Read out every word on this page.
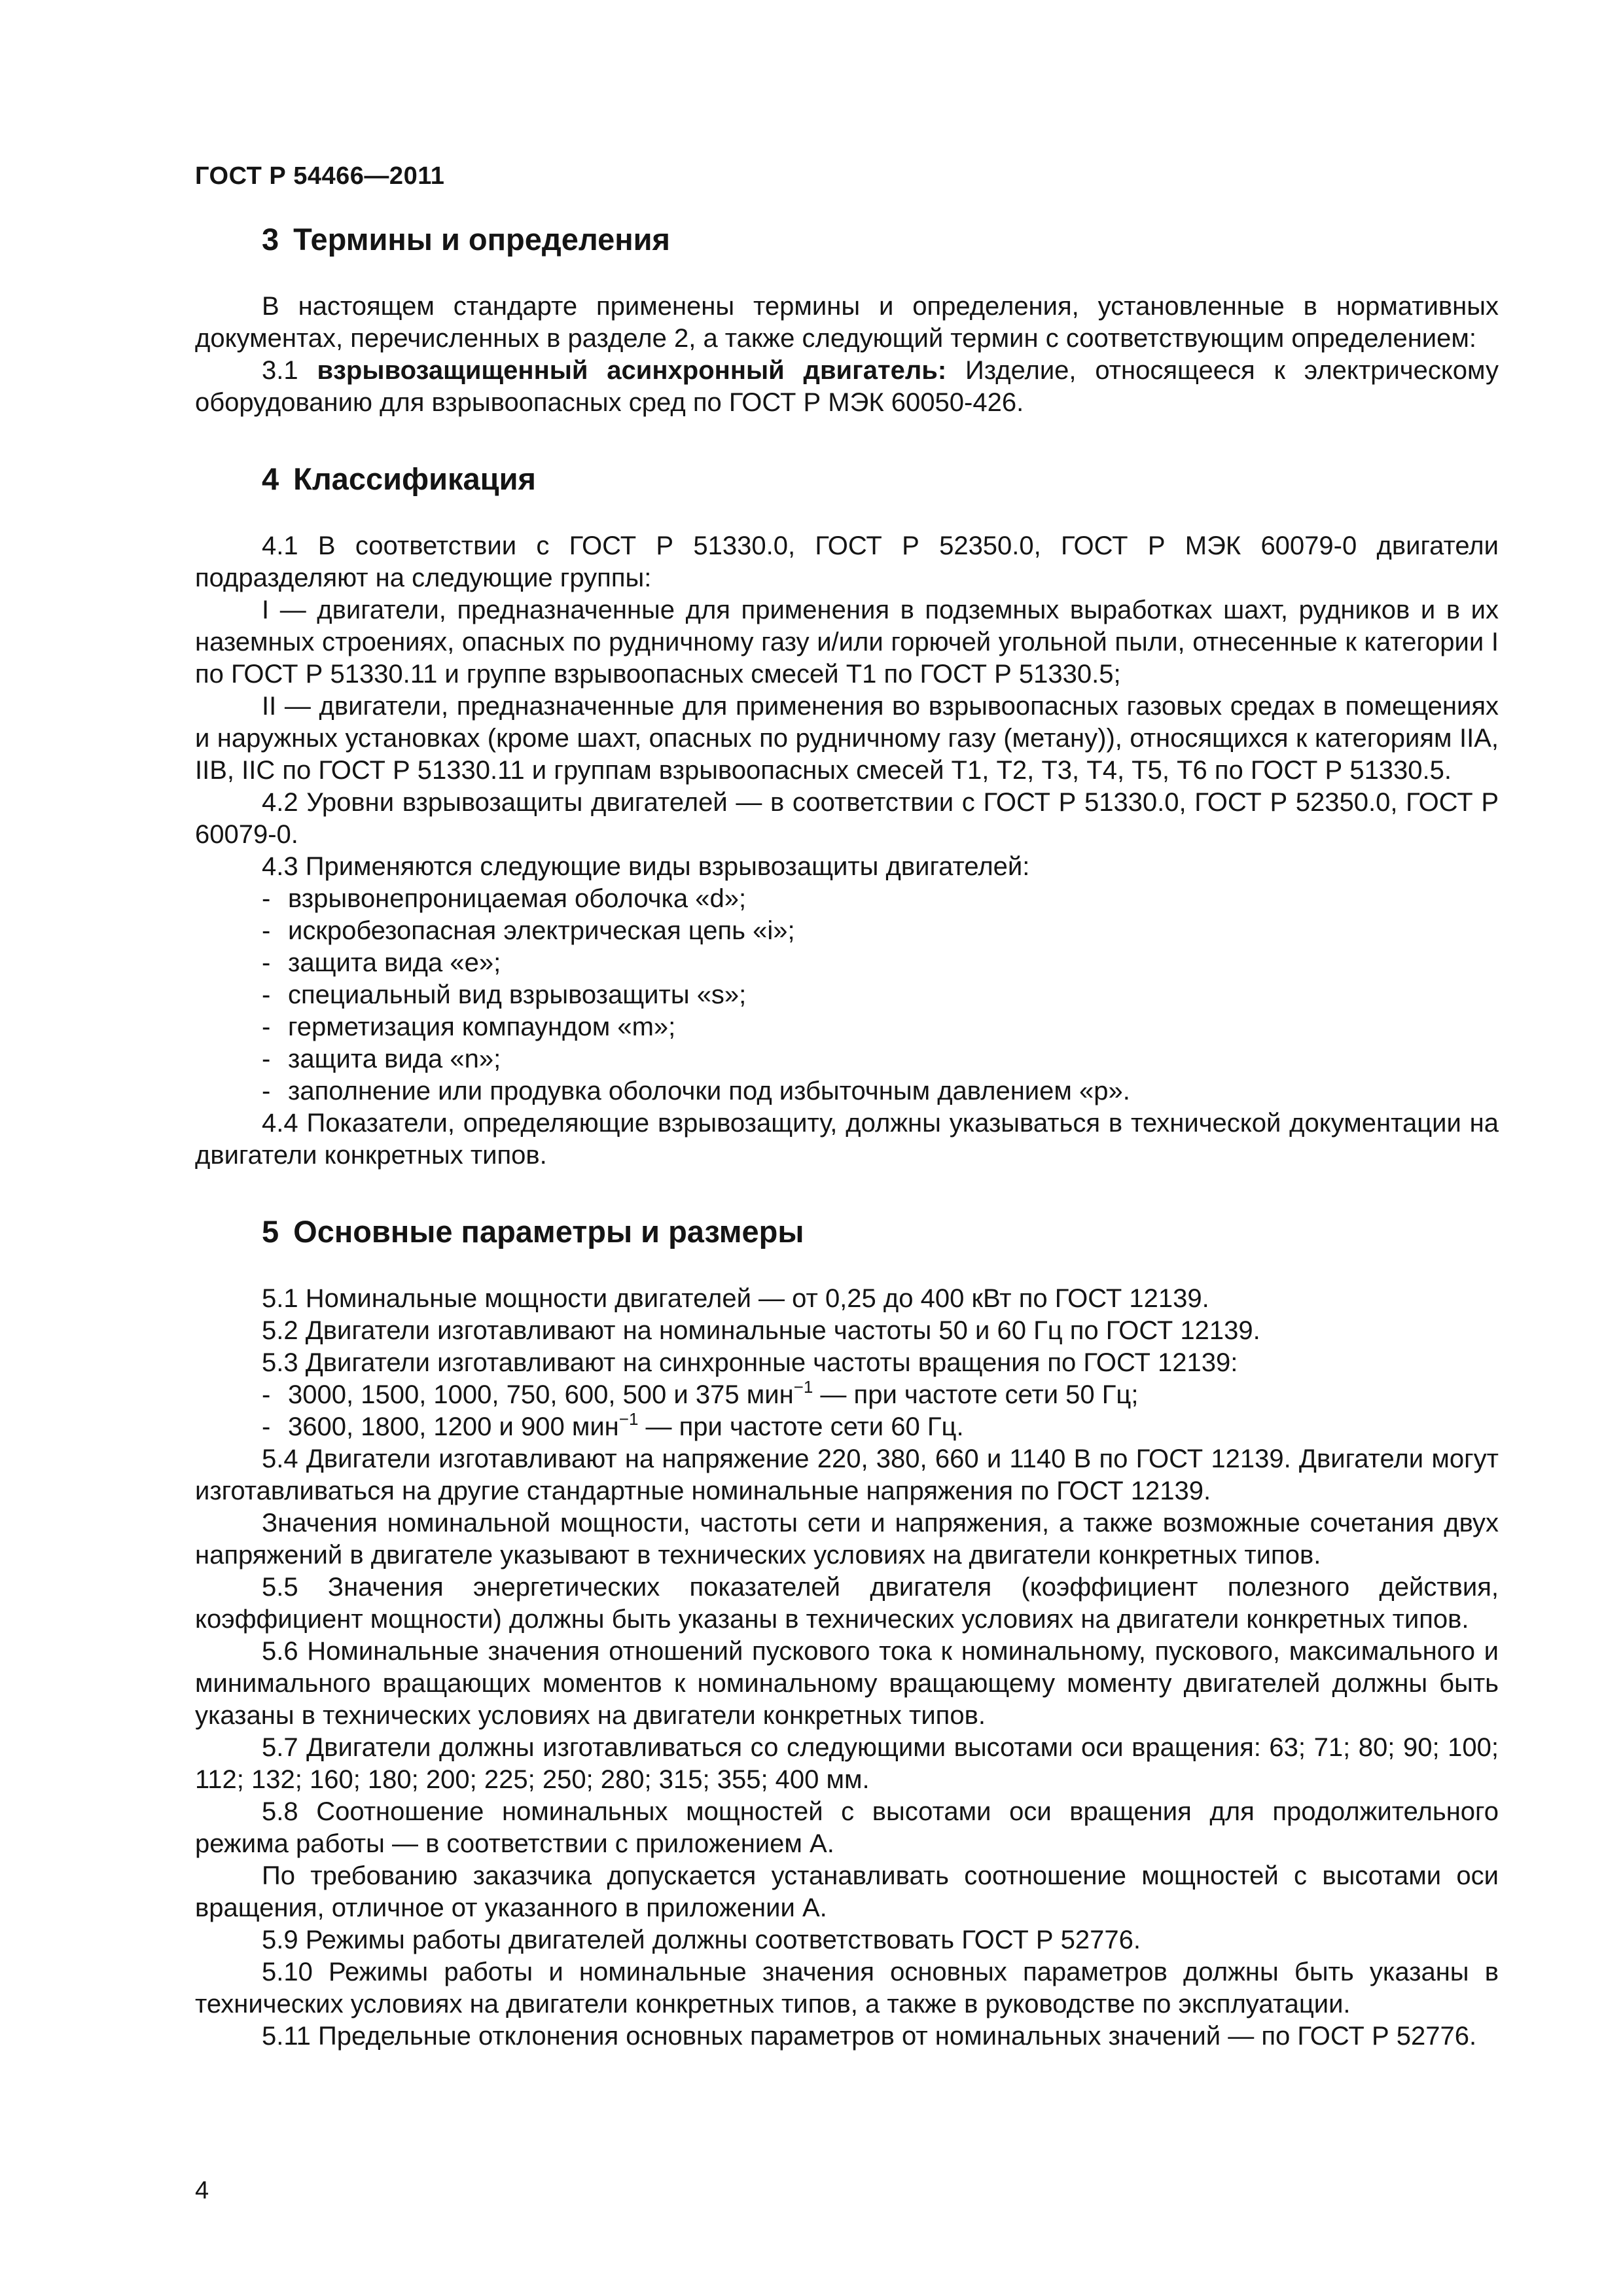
ГОСТ Р 54466—2011
3 Термины и определения

В настоящем стандарте применены термины и определения, установленные в нормативных документах, перечисленных в разделе 2, а также следующий термин с соответствующим определением:

3.1 взрывозащищенный асинхронный двигатель: Изделие, относящееся к электрическому оборудованию для взрывоопасных сред по ГОСТ Р МЭК 60050-426.

4 Классификация

4.1 В соответствии с ГОСТ Р 51330.0, ГОСТ Р 52350.0, ГОСТ Р МЭК 60079-0 двигатели подразделяют на следующие группы:

I — двигатели, предназначенные для применения в подземных выработках шахт, рудников и в их наземных строениях, опасных по рудничному газу и/или горючей угольной пыли, отнесенные к категории I по ГОСТ Р 51330.11 и группе взрывоопасных смесей Т1 по ГОСТ Р 51330.5;

II — двигатели, предназначенные для применения во взрывоопасных газовых средах в помещениях и наружных установках (кроме шахт, опасных по рудничному газу (метану)), относящихся к категориям IIA, IIB, IIC по ГОСТ Р 51330.11 и группам взрывоопасных смесей Т1, Т2, Т3, Т4, Т5, Т6 по ГОСТ Р 51330.5.

4.2 Уровни взрывозащиты двигателей — в соответствии с ГОСТ Р 51330.0, ГОСТ Р 52350.0, ГОСТ Р 60079-0.

4.3 Применяются следующие виды взрывозащиты двигателей:

- взрывонепроницаемая оболочка «d»;
- искробезопасная электрическая цепь «i»;
- защита вида «е»;
- специальный вид взрывозащиты «s»;
- герметизация компаундом «m»;
- защита вида «n»;
- заполнение или продувка оболочки под избыточным давлением «р».

4.4 Показатели, определяющие взрывозащиту, должны указываться в технической документации на двигатели конкретных типов.

5 Основные параметры и размеры

5.1 Номинальные мощности двигателей — от 0,25 до 400 кВт по ГОСТ 12139.

5.2 Двигатели изготавливают на номинальные частоты 50 и 60 Гц по ГОСТ 12139.

5.3 Двигатели изготавливают на синхронные частоты вращения по ГОСТ 12139:

- 3000, 1500, 1000, 750, 600, 500 и 375 мин$^{-1}$ — при частоте сети 50 Гц;
- 3600, 1800, 1200 и 900 мин$^{-1}$ — при частоте сети 60 Гц.

5.4 Двигатели изготавливают на напряжение 220, 380, 660 и 1140 В по ГОСТ 12139. Двигатели могут изготавливаться на другие стандартные номинальные напряжения по ГОСТ 12139.

Значения номинальной мощности, частоты сети и напряжения, а также возможные сочетания двух напряжений в двигателе указывают в технических условиях на двигатели конкретных типов.

5.5 Значения энергетических показателей двигателя (коэффициент полезного действия, коэффициент мощности) должны быть указаны в технических условиях на двигатели конкретных типов.

5.6 Номинальные значения отношений пускового тока к номинальному, пускового, максимального и минимального вращающих моментов к номинальному вращающему моменту двигателей должны быть указаны в технических условиях на двигатели конкретных типов.

5.7 Двигатели должны изготавливаться со следующими высотами оси вращения: 63; 71; 80; 90; 100; 112; 132; 160; 180; 200; 225; 250; 280; 315; 355; 400 мм.

5.8 Соотношение номинальных мощностей с высотами оси вращения для продолжительного режима работы — в соответствии с приложением А.

По требованию заказчика допускается устанавливать соотношение мощностей с высотами оси вращения, отличное от указанного в приложении А.

5.9 Режимы работы двигателей должны соответствовать ГОСТ Р 52776.

5.10 Режимы работы и номинальные значения основных параметров должны быть указаны в технических условиях на двигатели конкретных типов, а также в руководстве по эксплуатации.

5.11 Предельные отклонения основных параметров от номинальных значений — по ГОСТ Р 52776.

4
